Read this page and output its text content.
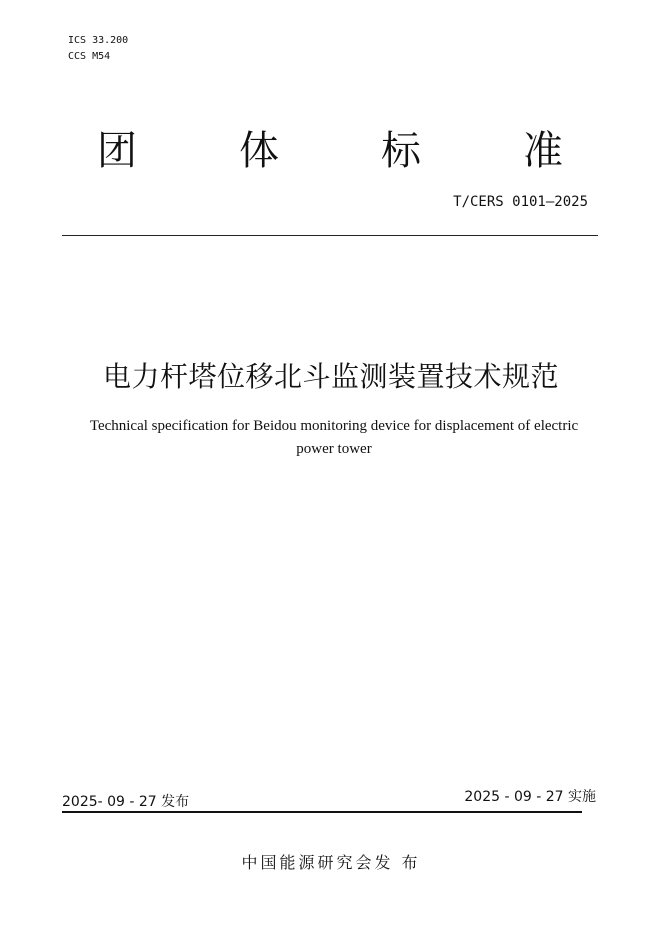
ICS 33.200
CCS M54
团	体	标	准
T/CERS 0101—2025
电力杆塔位移北斗监测装置技术规范
Technical specification for Beidou monitoring device for displacement of electric
power tower
2025- 09 - 27 发布	2025 - 09 - 27 实施
中国能源研究会发 布
